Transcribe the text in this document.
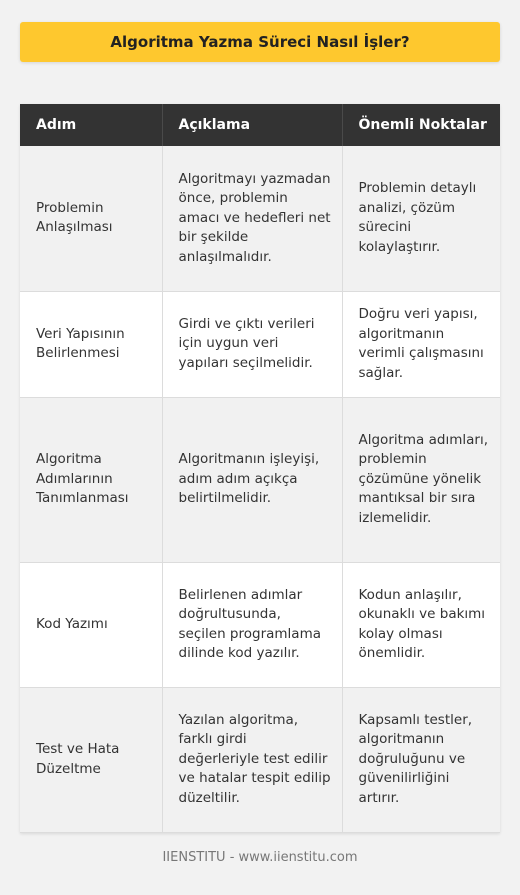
Algoritma Yazma Süreci Nasıl İşler?
Adım	Açıklama	Önemli Noktalar
Problemin Anlaşılması	Algoritmayı yazmadan önce, problemin amacı ve hedefleri net bir şekilde anlaşılmalıdır.	Problemin detaylı analizi, çözüm sürecini kolaylaştırır.
Veri Yapısının Belirlenmesi	Girdi ve çıktı verileri için uygun veri yapıları seçilmelidir.	Doğru veri yapısı, algoritmanın verimli çalışmasını sağlar.
Algoritma Adımlarının Tanımlanması	Algoritmanın işleyişi, adım adım açıkça belirtilmelidir.	Algoritma adımları, problemin çözümüne yönelik mantıksal bir sıra izlemelidir.
Kod Yazımı	Belirlenen adımlar doğrultusunda, seçilen programlama dilinde kod yazılır.	Kodun anlaşılır, okunaklı ve bakımı kolay olması önemlidir.
Test ve Hata Düzeltme	Yazılan algoritma, farklı girdi değerleriyle test edilir ve hatalar tespit edilip düzeltilir.	Kapsamlı testler, algoritmanın doğruluğunu ve güvenilirliğini artırır.
IIENSTITU - www.iienstitu.com
